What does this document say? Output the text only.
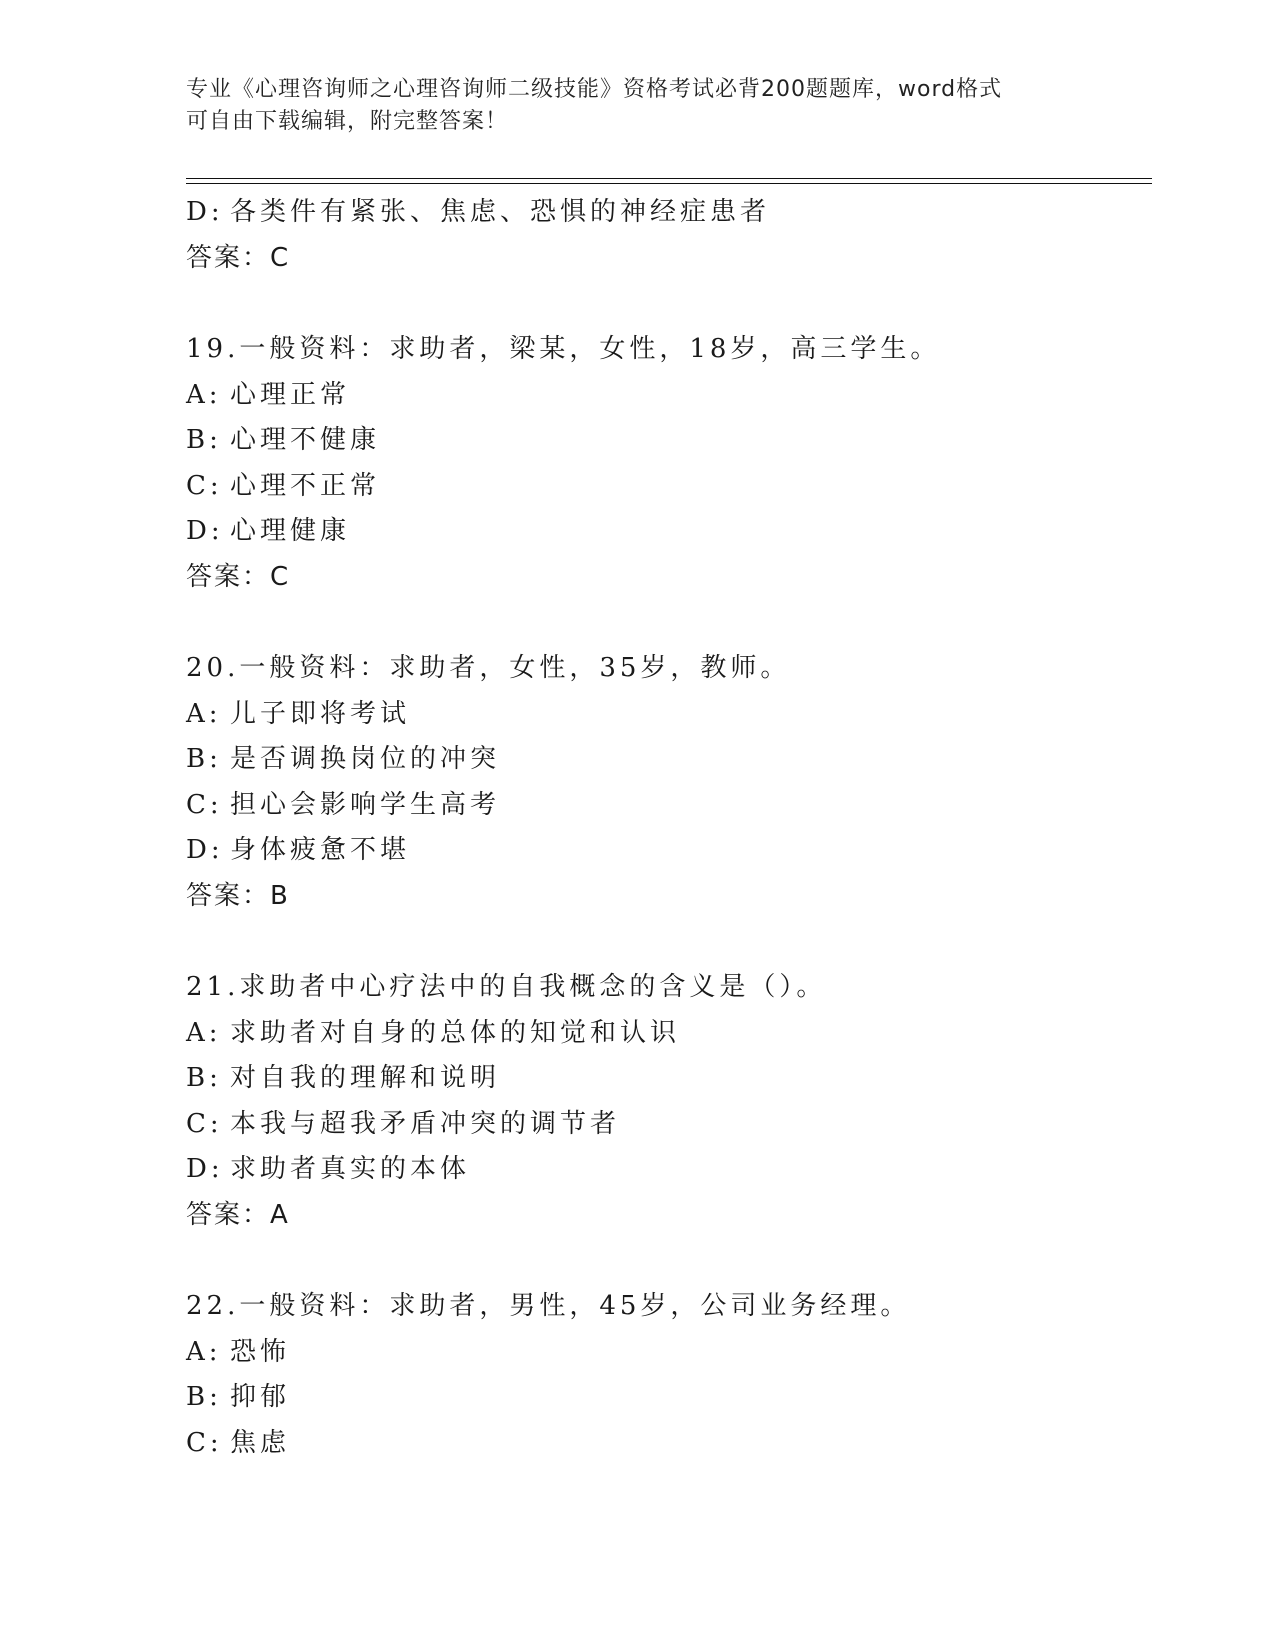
专业《心理咨询师之心理咨询师二级技能》资格考试必背200题题库，word格式
可自由下载编辑，附完整答案！
D: 各类件有紧张、焦虑、恐惧的神经症患者
答案：C
19.一般资料：求助者，梁某，女性，18岁，高三学生。
A: 心理正常
B: 心理不健康
C: 心理不正常
D: 心理健康
答案：C
20.一般资料：求助者，女性，35岁，教师。
A: 儿子即将考试
B: 是否调换岗位的冲突
C: 担心会影响学生高考
D: 身体疲惫不堪
答案：B
21.求助者中心疗法中的自我概念的含义是（）。
A: 求助者对自身的总体的知觉和认识
B: 对自我的理解和说明
C: 本我与超我矛盾冲突的调节者
D: 求助者真实的本体
答案：A
22.一般资料：求助者，男性，45岁，公司业务经理。
A: 恐怖
B: 抑郁
C: 焦虑
